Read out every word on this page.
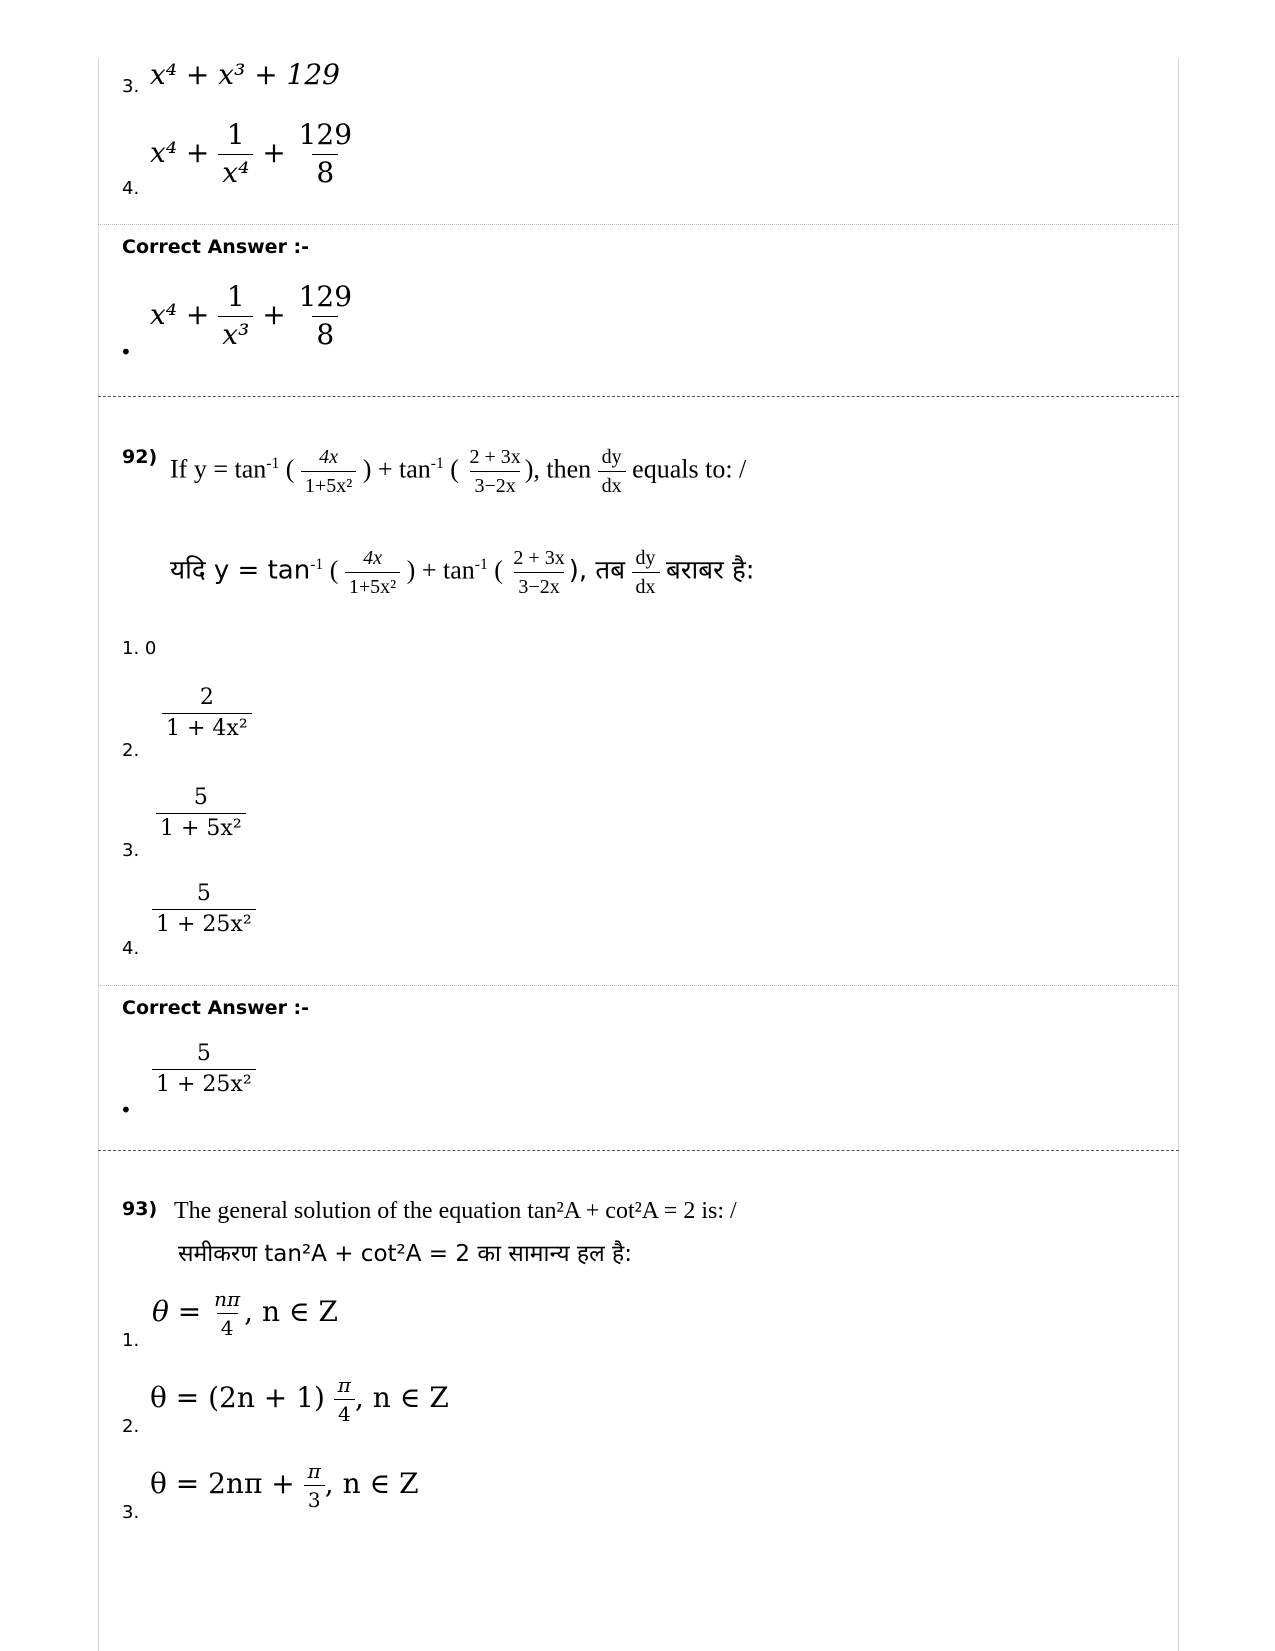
3. x⁴ + x³ + 129
4.
$x^4 + \frac{1}{\text{x⁴}} + \frac{129}{8}$
Correct Answer :-
•
$x^4 + \frac{1}{\text{x³}} + \frac{129}{8}$
92) If $y = \tan^{-1}$ ( $\frac{4x}{\text{1+5x²}}$ ) + $\tan^{-1}$ ( $\frac{2 + 3x}{3-2x}$ ), then $\frac{dy}{dx}$ equals to: /
यदि $y = \tan^{-1}$ ( $\frac{4x}{\text{1+5x²}}$ ) + $\tan^{-1}$ ( $\frac{2 + 3x}{3-2x}$ ), तब $\frac{dy}{dx}$ बराबर है:
1. 0
2.
$\frac{2}{\text{1 + 4x²}}$
3.
$\frac{5}{\text{1 + 5x²}}$
4.
$\frac{5}{\text{1 + 25x²}}$
Correct Answer :-
•
$\frac{5}{\text{1 + 25x²}}$
93) The general solution of the equation tan²A + cot²A = 2 is: /
समीकरण tan²A + cot²A = 2 का सामान्य हल है:
1.
$\theta = \frac{n\pi}{4}$ , n ∈ Z
2.
$\theta = (2n + 1) \frac{\pi}{4}$ , n ∈ Z
3.
$\theta = 2n\pi + \frac{\pi}{3}$ , n ∈ Z
